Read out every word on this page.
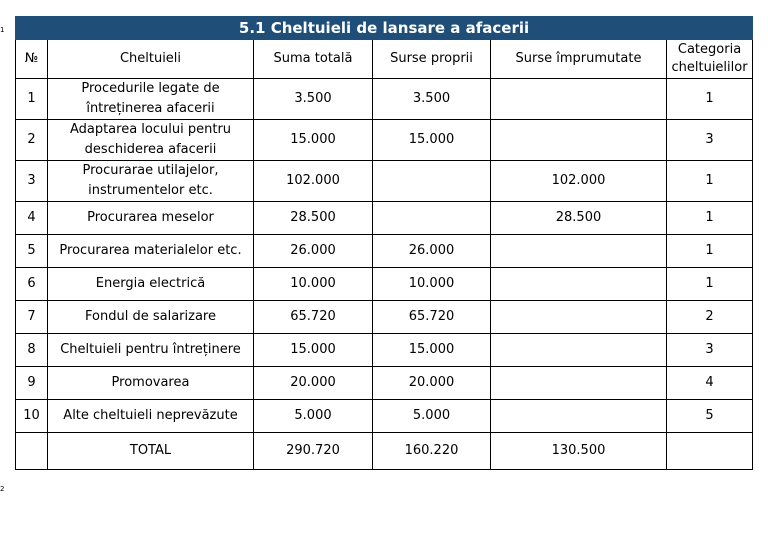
1
2
5.1 Cheltuieli de lansare a afacerii					
№	Cheltuieli	Suma totală	Surse proprii	Surse împrumutate	Categoria cheltuielilor
1	Procedurile legate de întreținerea afacerii	3.500	3.500		1
2	Adaptarea locului pentru deschiderea afacerii	15.000	15.000		3
3	Procurarae utilajelor, instrumentelor etc.	102.000		102.000	1
4	Procurarea meselor	28.500		28.500	1
5	Procurarea materialelor etc.	26.000	26.000		1
6	Energia electrică	10.000	10.000		1
7	Fondul de salarizare	65.720	65.720		2
8	Cheltuieli pentru întreținere	15.000	15.000		3
9	Promovarea	20.000	20.000		4
10	Alte cheltuieli neprevăzute	5.000	5.000		5
	TOTAL	290.720	160.220	130.500	
